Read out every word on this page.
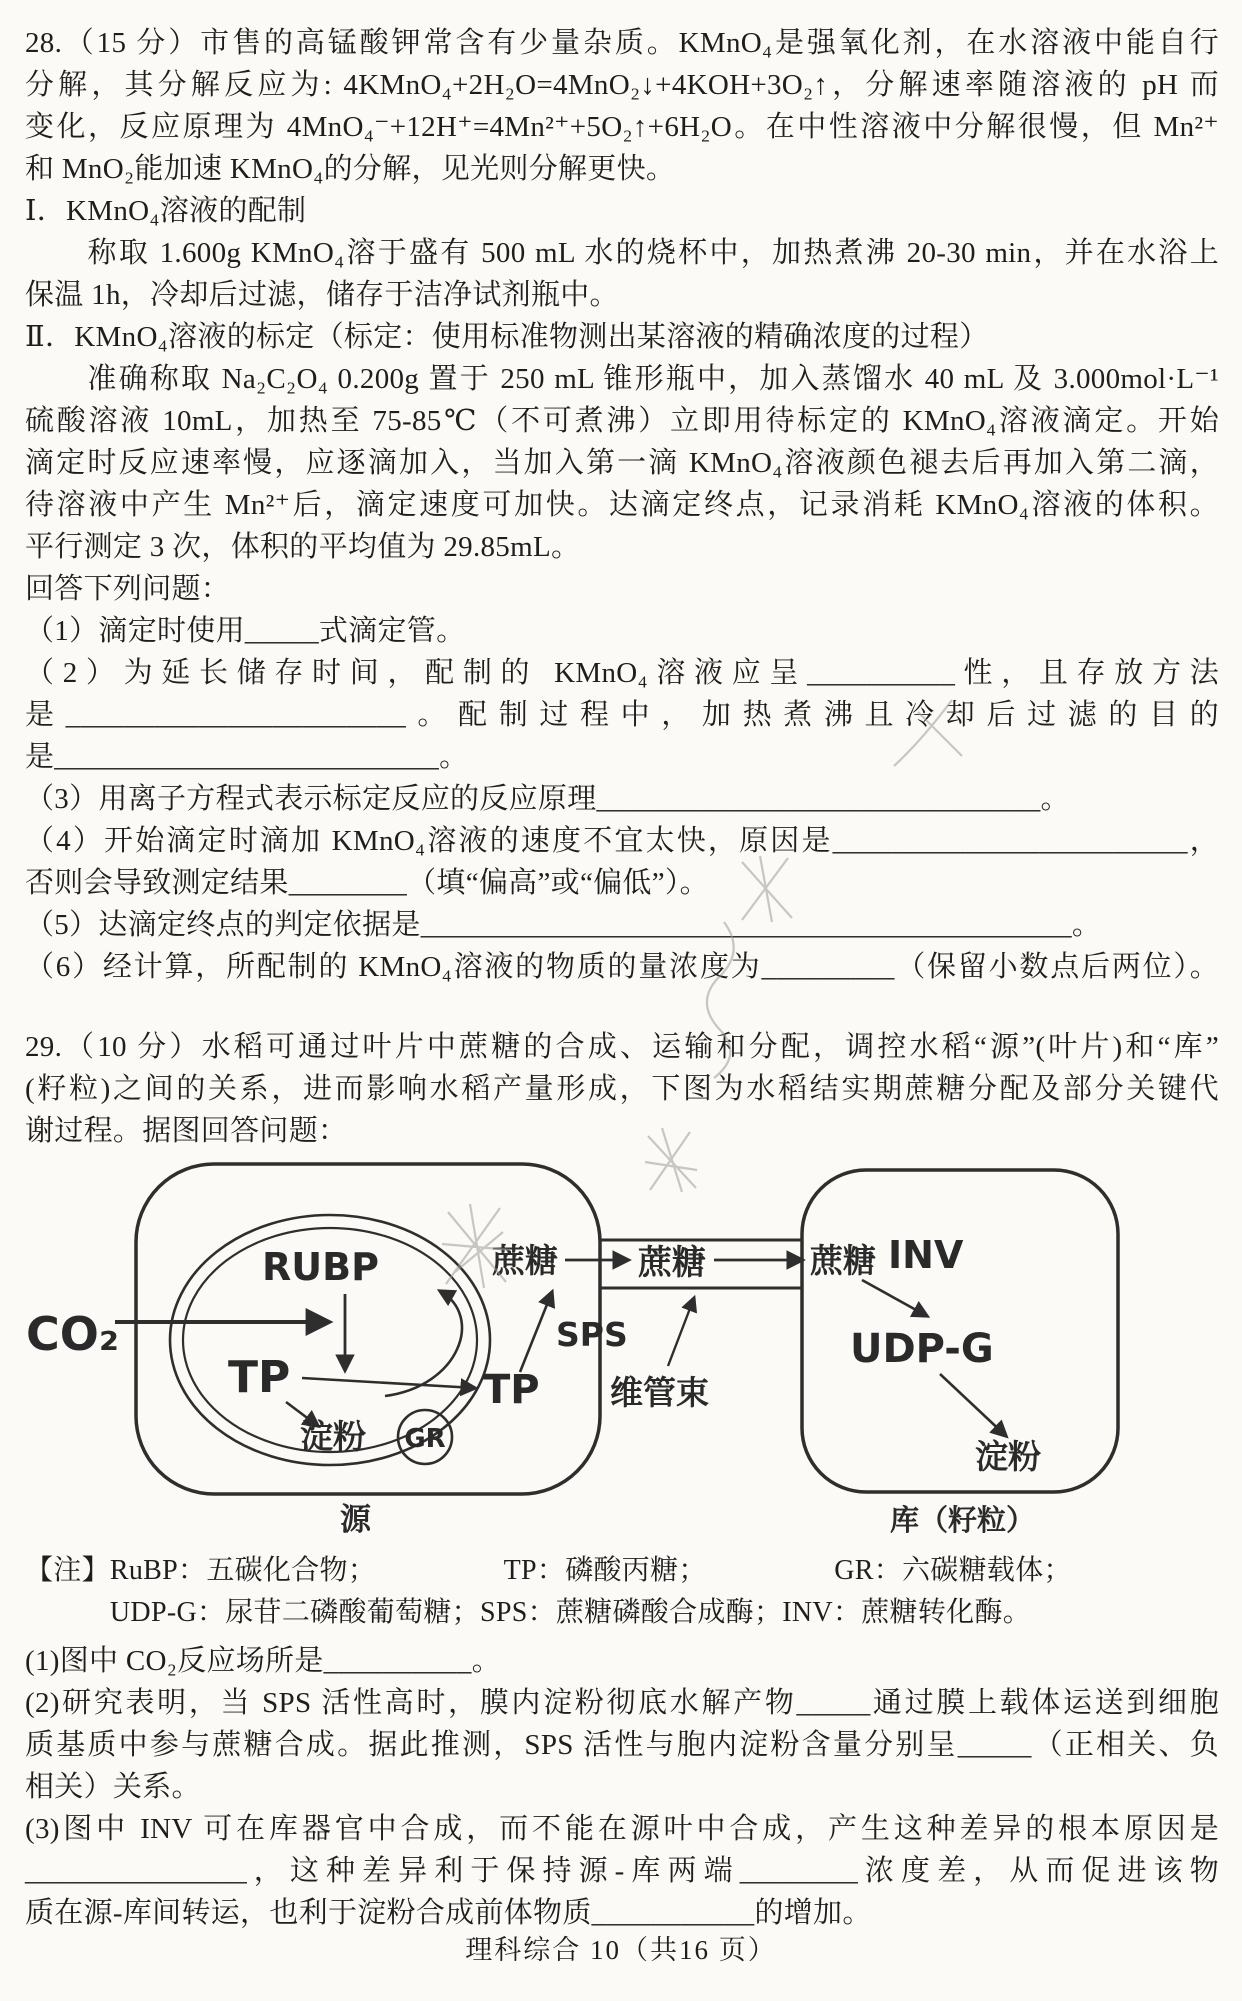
28.（15 分）市售的高锰酸钾常含有少量杂质。KMnO₄是强氧化剂，在水溶液中能自行
分解，其分解反应为: 4KMnO₄+2H₂O=4MnO₂↓+4KOH+3O₂↑，分解速率随溶液的 pH 而
变化，反应原理为 4MnO₄⁻+12H⁺=4Mn²⁺+5O₂↑+6H₂O。在中性溶液中分解很慢，但 Mn²⁺
和 MnO₂能加速 KMnO₄的分解，见光则分解更快。
Ⅰ．KMnO₄溶液的配制
　　称取 1.600g KMnO₄溶于盛有 500 mL 水的烧杯中，加热煮沸 20-30 min，并在水浴上
保温 1h，冷却后过滤，储存于洁净试剂瓶中。
Ⅱ．KMnO₄溶液的标定（标定：使用标准物测出某溶液的精确浓度的过程）
　　准确称取 Na₂C₂O₄ 0.200g 置于 250 mL 锥形瓶中，加入蒸馏水 40 mL 及 3.000mol·L⁻¹
硫酸溶液 10mL，加热至 75-85℃（不可煮沸）立即用待标定的 KMnO₄溶液滴定。开始
滴定时反应速率慢，应逐滴加入，当加入第一滴 KMnO₄溶液颜色褪去后再加入第二滴，
待溶液中产生 Mn²⁺后，滴定速度可加快。达滴定终点，记录消耗 KMnO₄溶液的体积。
平行测定 3 次，体积的平均值为 29.85mL。
回答下列问题：
（1）滴定时使用_____式滴定管。
（2）为延长储存时间，配制的 KMnO₄溶液应呈__________性，且存放方法
是_______________________。配制过程中，加热煮沸且冷却后过滤的目的
是__________________________。
（3）用离子方程式表示标定反应的反应原理______________________________。
（4）开始滴定时滴加 KMnO₄溶液的速度不宜太快，原因是________________________，
否则会导致测定结果________（填“偏高”或“偏低”）。
（5）达滴定终点的判定依据是____________________________________________。
（6）经计算，所配制的 KMnO₄溶液的物质的量浓度为_________（保留小数点后两位）。
29.（10 分）水稻可通过叶片中蔗糖的合成、运输和分配，调控水稻“源”(叶片)和“库”
(籽粒)之间的关系，进而影响水稻产量形成，下图为水稻结实期蔗糖分配及部分关键代
谢过程。据图回答问题：
CO₂
RUBP
TP
淀粉 GR
TP
SPS
蔗糖 蔗糖
维管束
蔗糖 INV
UDP-G
淀粉
源	库（籽粒）
【注】RuBP：五碳化合物；　　　　　TP：磷酸丙糖；　　　　　GR：六碳糖载体；
　　　UDP-G：尿苷二磷酸葡萄糖；SPS：蔗糖磷酸合成酶；INV：蔗糖转化酶。
(1)图中 CO₂反应场所是__________。
(2)研究表明，当 SPS 活性高时，膜内淀粉彻底水解产物_____通过膜上载体运送到细胞
质基质中参与蔗糖合成。据此推测，SPS 活性与胞内淀粉含量分别呈_____（正相关、负
相关）关系。
(3)图中 INV 可在库器官中合成，而不能在源叶中合成，产生这种差异的根本原因是
_______________，这种差异利于保持源-库两端________浓度差，从而促进该物
质在源-库间转运，也利于淀粉合成前体物质___________的增加。
理科综合 10（共16 页）
